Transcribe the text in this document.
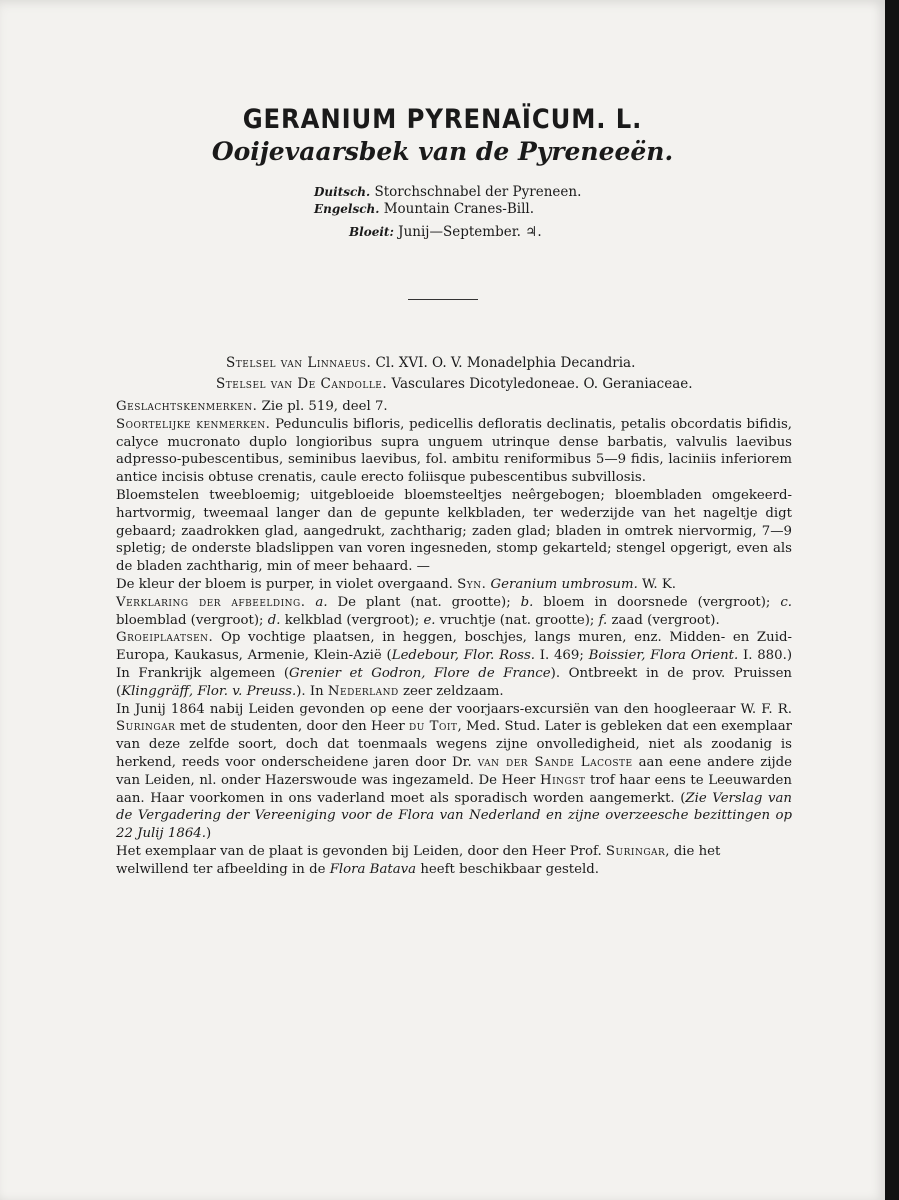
GERANIUM PYRENAÏCUM. L.
Ooijevaarsbek van de Pyreneeën.
Duitsch. Storchschnabel der Pyreneen.
Engelsch. Mountain Cranes-Bill.
Bloeit: Junij—September. ♃.
Stelsel van Linnaeus. Cl. XVI. O. V. Monadelphia Decandria.
Stelsel van De Candolle. Vasculares Dicotyledoneae. O. Geraniaceae.

Geslachtskenmerken. Zie pl. 519, deel 7.

Soortelijke kenmerken. Pedunculis bifloris, pedicellis defloratis declinatis, petalis obcordatis bifidis, calyce mucronato duplo longioribus supra unguem utrinque dense barbatis, valvulis laevibus adpresso-pubescentibus, seminibus laevibus, fol. ambitu reniformibus 5—9 fidis, laciniis inferiorem antice incisis obtuse crenatis, caule erecto foliisque pubescentibus subvillosis.

Bloemstelen tweebloemig; uitgebloeide bloemsteeltjes neêrgebogen; bloembladen omgekeerd-hartvormig, tweemaal langer dan de gepunte kelkbladen, ter wederzijde van het nageltje digt gebaard; zaadrokken glad, aangedrukt, zachtharig; zaden glad; bladen in omtrek niervormig, 7—9 spletig; de onderste bladslippen van voren ingesneden, stomp gekarteld; stengel opgerigt, even als de bladen zachtharig, min of meer behaard. —

De kleur der bloem is purper, in violet overgaand. Syn. Geranium umbrosum. W. K.

Verklaring der afbeelding. a. De plant (nat. grootte); b. bloem in doorsnede (vergroot); c. bloemblad (vergroot); d. kelkblad (vergroot); e. vruchtje (nat. grootte); f. zaad (vergroot).

Groeiplaatsen. Op vochtige plaatsen, in heggen, boschjes, langs muren, enz. Midden- en Zuid-Europa, Kaukasus, Armenie, Klein-Azië (Ledebour, Flor. Ross. I. 469; Boissier, Flora Orient. I. 880.) In Frankrijk algemeen (Grenier et Godron, Flore de France). Ontbreekt in de prov. Pruissen (Klinggräff, Flor. v. Preuss.). In Nederland zeer zeldzaam.

In Junij 1864 nabij Leiden gevonden op eene der voorjaars-excursiën van den hoogleeraar W. F. R. Suringar met de studenten, door den Heer du Toit, Med. Stud. Later is gebleken dat een exemplaar van deze zelfde soort, doch dat toenmaals wegens zijne onvolledigheid, niet als zoodanig is herkend, reeds voor onderscheidene jaren door Dr. van der Sande Lacoste aan eene andere zijde van Leiden, nl. onder Hazerswoude was ingezameld. De Heer Hingst trof haar eens te Leeuwarden aan. Haar voorkomen in ons vaderland moet als sporadisch worden aangemerkt. (Zie Verslag van de Vergadering der Vereeniging voor de Flora van Nederland en zijne overzeesche bezittingen op 22 Julij 1864.)

Het exemplaar van de plaat is gevonden bij Leiden, door den Heer Prof. Suringar, die het welwillend ter afbeelding in de Flora Batava heeft beschikbaar gesteld.
